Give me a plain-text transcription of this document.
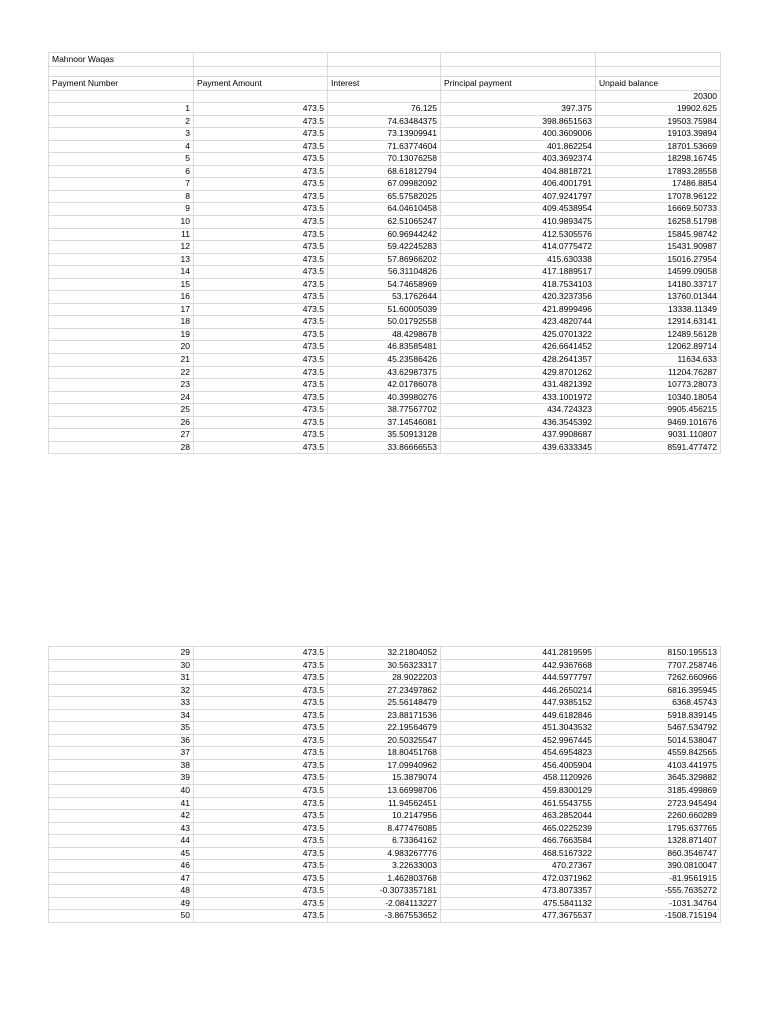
Mahnoor Waqas				

Payment Number	Payment Amount	Interest	Principal payment	Unpaid balance
				20300
1	473.5	76.125	397.375	19902.625
2	473.5	74.63484375	398.8651563	19503.75984
3	473.5	73.13909941	400.3609006	19103.39894
4	473.5	71.63774604	401.862254	18701.53669
5	473.5	70.13076258	403.3692374	18298.16745
6	473.5	68.61812794	404.8818721	17893.28558
7	473.5	67.09982092	406.4001791	17486.8854
8	473.5	65.57582025	407.9241797	17078.96122
9	473.5	64.04610458	409.4538954	16669.50733
10	473.5	62.51065247	410.9893475	16258.51798
11	473.5	60.96944242	412.5305576	15845.98742
12	473.5	59.42245283	414.0775472	15431.90987
13	473.5	57.86966202	415.630338	15016.27954
14	473.5	56.31104826	417.1889517	14599.09058
15	473.5	54.74658969	418.7534103	14180.33717
16	473.5	53.1762644	420.3237356	13760.01344
17	473.5	51.60005039	421.8999496	13338.11349
18	473.5	50.01792558	423.4820744	12914.63141
19	473.5	48.4298678	425.0701322	12489.56128
20	473.5	46.83585481	426.6641452	12062.89714
21	473.5	45.23586426	428.2641357	11634.633
22	473.5	43.62987375	429.8701262	11204.76287
23	473.5	42.01786078	431.4821392	10773.28073
24	473.5	40.39980276	433.1001972	10340.18054
25	473.5	38.77567702	434.724323	9905.456215
26	473.5	37.14546081	436.3545392	9469.101676
27	473.5	35.50913128	437.9908687	9031.110807
28	473.5	33.86666553	439.6333345	8591.477472
29	473.5	32.21804052	441.2819595	8150.195513
30	473.5	30.56323317	442.9367668	7707.258746
31	473.5	28.9022203	444.5977797	7262.660966
32	473.5	27.23497862	446.2650214	6816.395945
33	473.5	25.56148479	447.9385152	6368.45743
34	473.5	23.88171536	449.6182846	5918.839145
35	473.5	22.19564679	451.3043532	5467.534792
36	473.5	20.50325547	452.9967445	5014.538047
37	473.5	18.80451768	454.6954823	4559.842565
38	473.5	17.09940962	456.4005904	4103.441975
39	473.5	15.3879074	458.1120926	3645.329882
40	473.5	13.66998706	459.8300129	3185.499869
41	473.5	11.94562451	461.5543755	2723.945494
42	473.5	10.2147956	463.2852044	2260.660289
43	473.5	8.477476085	465.0225239	1795.637765
44	473.5	6.73364162	466.7663584	1328.871407
45	473.5	4.983267776	468.5167322	860.3546747
46	473.5	3.22633003	470.27367	390.0810047
47	473.5	1.462803768	472.0371962	-81.9561915
48	473.5	-0.3073357181	473.8073357	-555.7635272
49	473.5	-2.084113227	475.5841132	-1031.34764
50	473.5	-3.867553652	477.3675537	-1508.715194
